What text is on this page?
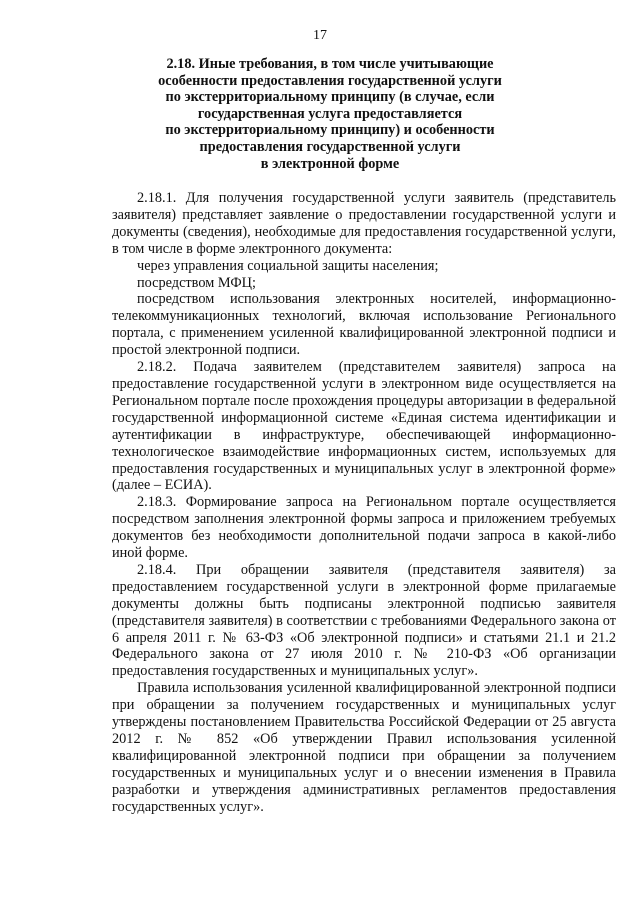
17
2.18. Иные требования, в том числе учитывающие
особенности предоставления государственной услуги
по экстерриториальному принципу (в случае, если
государственная услуга предоставляется
по экстерриториальному принципу) и особенности
предоставления государственной услуги
в электронной форме

2.18.1. Для получения государственной услуги заявитель (представитель заявителя) представляет заявление о предоставлении государственной услуги и документы (сведения), необходимые для предоставления государственной услуги, в том числе в форме электронного документа:

через управления социальной защиты населения;

посредством МФЦ;

посредством использования электронных носителей, информационно-телекоммуникационных технологий, включая использование Регионального портала, с применением усиленной квалифицированной электронной подписи и простой электронной подписи.

2.18.2. Подача заявителем (представителем заявителя) запроса на предоставление государственной услуги в электронном виде осуществляется на Региональном портале после прохождения процедуры авторизации в федеральной государственной информационной системе «Единая система идентификации и аутентификации в инфраструктуре, обеспечивающей информационно-технологическое взаимодействие информационных систем, используемых для предоставления государственных и муниципальных услуг в электронной форме» (далее – ЕСИА).

2.18.3. Формирование запроса на Региональном портале осуществляется посредством заполнения электронной формы запроса и приложением требуемых документов без необходимости дополнительной подачи запроса в какой-либо иной форме.

2.18.4. При обращении заявителя (представителя заявителя) за предоставлением государственной услуги в электронной форме прилагаемые документы должны быть подписаны электронной подписью заявителя (представителя заявителя) в соответствии с требованиями Федерального закона от 6 апреля 2011 г. № 63-ФЗ «Об электронной подписи» и статьями 21.1 и 21.2 Федерального закона от 27 июля 2010 г. № 210-ФЗ «Об организации предоставления государственных и муниципальных услуг».

Правила использования усиленной квалифицированной электронной подписи при обращении за получением государственных и муниципальных услуг утверждены постановлением Правительства Российской Федерации от 25 августа 2012 г. № 852 «Об утверждении Правил использования усиленной квалифицированной электронной подписи при обращении за получением государственных и муниципальных услуг и о внесении изменения в Правила разработки и утверждения административных регламентов предоставления государственных услуг».
